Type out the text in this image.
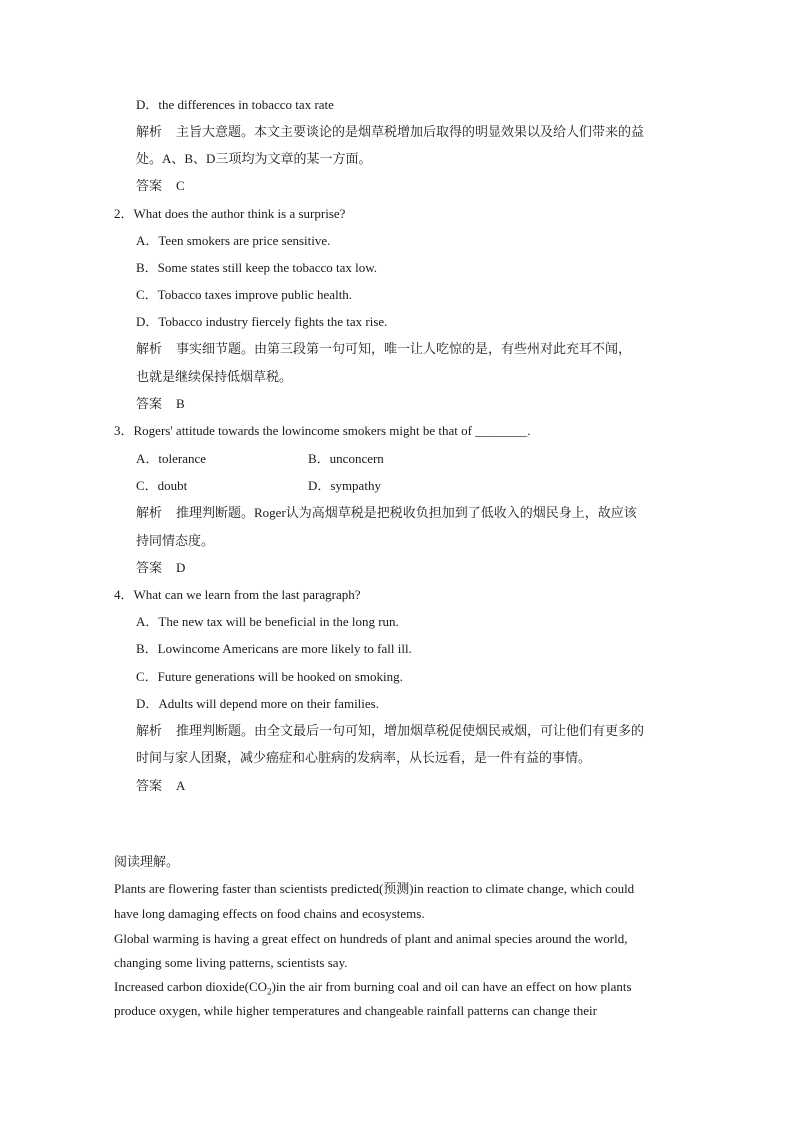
D．the differences in tobacco tax rate
解析 主旨大意题。本文主要谈论的是烟草税增加后取得的明显效果以及给人们带来的益
处。A、B、D三项均为文章的某一方面。
答案 C
2．What does the author think is a surprise?
A．Teen smokers are price sensitive.
B．Some states still keep the tobacco tax low.
C．Tobacco taxes improve public health.
D．Tobacco industry fiercely fights the tax rise.
解析 事实细节题。由第三段第一句可知，唯一让人吃惊的是，有些州对此充耳不闻，
也就是继续保持低烟草税。
答案 B
3．Rogers' attitude towards the lowincome smokers might be that of ________.
A．tolerance	B．unconcern
C．doubt	D．sympathy
解析 推理判断题。Roger认为高烟草税是把税收负担加到了低收入的烟民身上，故应该
持同情态度。
答案 D
4．What can we learn from the last paragraph?
A．The new tax will be beneficial in the long run.
B．Lowincome Americans are more likely to fall ill.
C．Future generations will be hooked on smoking.
D．Adults will depend more on their families.
解析 推理判断题。由全文最后一句可知，增加烟草税促使烟民戒烟，可让他们有更多的
时间与家人团聚，减少癌症和心脏病的发病率，从长远看，是一件有益的事情。
答案 A
阅读理解。
Plants are flowering faster than scientists predicted(预测)in reaction to climate change, which could
have long damaging effects on food chains and ecosystems.
Global warming is having a great effect on hundreds of plant and animal species around the world,
changing some living patterns, scientists say.
Increased carbon $dioxide(CO_2)in$ the air from burning coal and oil can have an effect on how plants
produce oxygen, while higher temperatures and changeable rainfall patterns can change their
